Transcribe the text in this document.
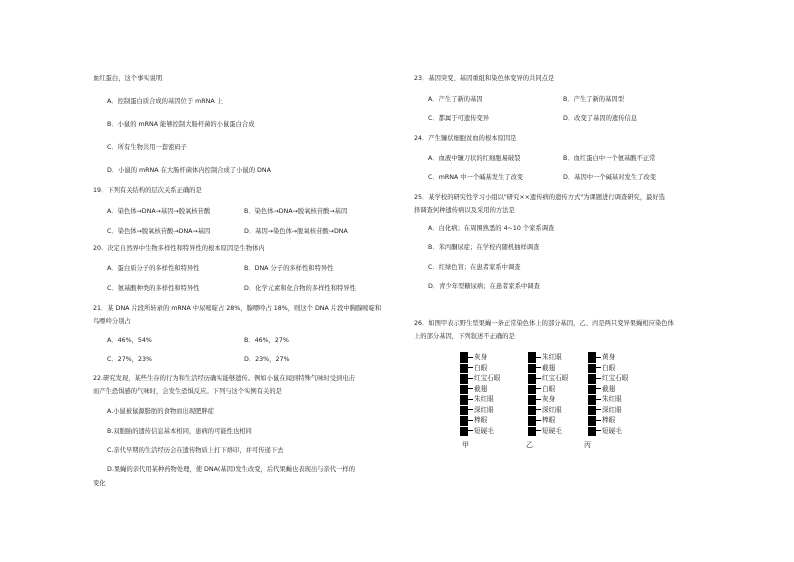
血红蛋白，这个事实说明
A．控制蛋白质合成的基因位于 mRNA 上
B．小鼠的 mRNA 能够控制大肠杆菌的小鼠蛋白合成
C．所有生物共用一套密码子
D．小鼠的 mRNA 在大肠杆菌体内控制合成了小鼠的 DNA
19．下列有关结构的层次关系正确的是
A．染色体→DNA→基因→脱氧核苷酸	B．染色体→DNA→脱氧核苷酸→基因
C．染色体→脱氧核苷酸→DNA→基因	D．基因→染色体→脱氧核苷酸→DNA
20．决定自然界中生物多样性和特异性的根本原因是生物体内
A．蛋白质分子的多样性和特异性	B．DNA 分子的多样性和特异性
C．氨基酸种类的多样性和特异性	D．化学元素和化合物的多样性和特异性
21．某 DNA 片段所转录的 mRNA 中尿嘧啶占 28%，腺嘌呤占 18%，则这个 DNA 片段中胸腺嘧啶和
鸟嘌呤分别占
A．46%，54%	B．46%，27%
C．27%，23%	D．23%，27%
22.研究发现，某些生存的行为和生活经历确实能够遗传。例如小鼠在闻到特殊气味时受到电击
而产生恐惧感的气味时，会发生恐惧反应。下列与这个实例有关的是
A.小鼠被鼠源脂肪的食物而出现肥胖症
B.双胞胎的遗传信息基本相同，患病的可能性也相同
C.亲代早期的生活经历会在遗传物质上打下烙印，并可传递下去
D.果蝇的亲代用某种药物处理，使 DNA(基因)发生改变，后代果蝇也表现出与亲代一样的
变化
23．基因突变、基因重组和染色体变异的共同点是
A．产生了新的基因	B．产生了新的基因型
C．都属于可遗传变异	D．改变了基因的遗传信息
24．产生镰状细胞贫血的根本原因是
A．血液中镰刀状的红细胞易破裂	B．血红蛋白中一个氨基酸不正常
C．mRNA 中一个碱基发生了改变	D．基因中一个碱基对发生了改变
25．某学校的研究性学习小组以"研究××遗传病的遗传方式"为课题进行调查研究，最好选
择调查何种遗传病以及采用的方法是
A．白化病；在周围熟悉的 4~10 个家系调查
B．苯丙酮尿症；在学校内随机抽样调查
C．红绿色盲；在患者家系中调查
D．青少年型糖尿病；在患者家系中调查
26．如图甲表示野生型果蝇一条正常染色体上的部分基因，乙、丙是两只变异果蝇相应染色体
上的部分基因，下列叙述不正确的是
灰身
白眼
红宝石眼
截翅
朱红眼
深红眼
棒眼
短硬毛
朱红眼
截翅
红宝石眼
白眼
灰身
深红眼
棒眼
短硬毛
黄身
白眼
红宝石眼
截翅
朱红眼
深红眼
棒眼
短硬毛
甲	乙	丙
